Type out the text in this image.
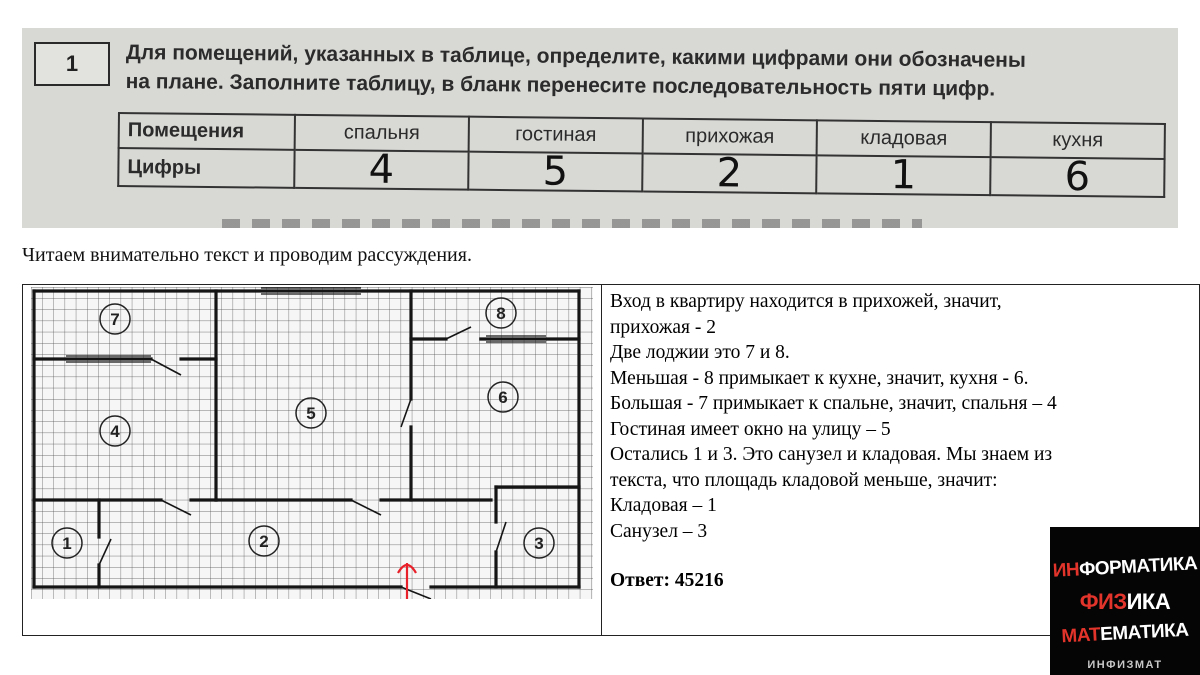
1	Для помещений, указанных в таблице, определите, какими цифрами они обозначены
на плане. Заполните таблицу, в бланк перенесите последовательность пяти цифр.
Помещения	спальня	гостиная	прихожая	кладовая	кухня
Цифры	4	5	2	1	6
Читаем внимательно текст и проводим рассуждения.
7	8
4
5
6
1	2	3
Вход в квартиру находится в прихожей, значит,
прихожая - 2
Две лоджии это 7 и 8.
Меньшая - 8 примыкает к кухне, значит, кухня - 6.
Большая - 7 примыкает к спальне, значит, спальня – 4
Гостиная имеет окно на улицу – 5
Остались 1 и 3. Это санузел и кладовая. Мы знаем из
текста, что площадь кладовой меньше, значит:
Кладовая – 1
Санузел – 3
Ответ: 45216	ИНФОРМАТИКА
ФИЗИКА
МАТЕМАТИКА
ИНФИЗМАТ
